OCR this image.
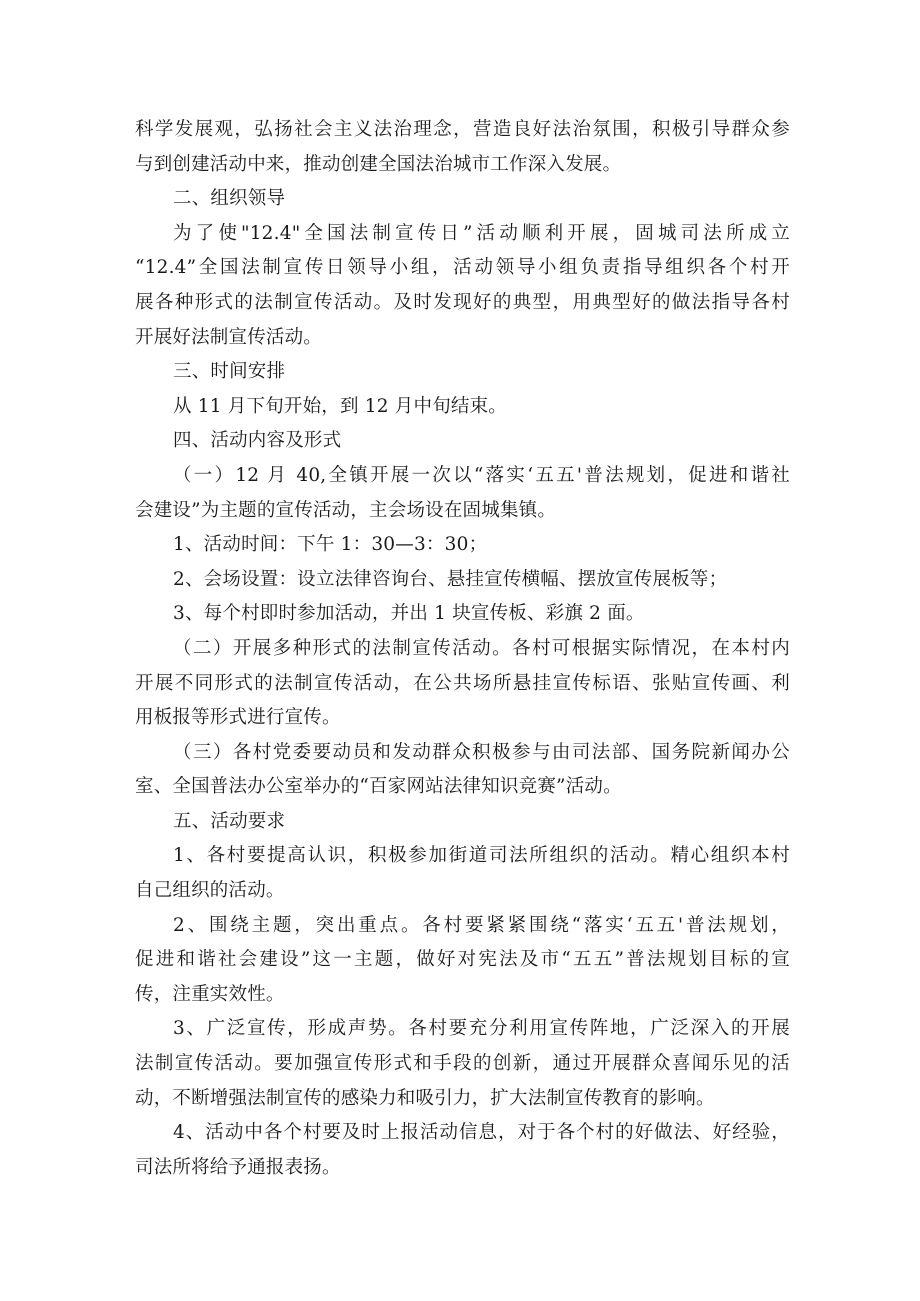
科学发展观，弘扬社会主义法治理念，营造良好法治氛围，积极引导群众参
与到创建活动中来，推动创建全国法治城市工作深入发展。
二、组织领导
为了使"12.4"全国法制宣传日”活动顺利开展，固城司法所成立
“12.4”全国法制宣传日领导小组，活动领导小组负责指导组织各个村开
展各种形式的法制宣传活动。及时发现好的典型，用典型好的做法指导各村
开展好法制宣传活动。
三、时间安排
从 11 月下旬开始，到 12 月中旬结束。
四、活动内容及形式
（一）12 月 40,全镇开展一次以“落实‘五五'普法规划，促进和谐社
会建设”为主题的宣传活动，主会场设在固城集镇。
1、活动时间：下午 1：30—3：30；
2、会场设置：设立法律咨询台、悬挂宣传横幅、摆放宣传展板等；
3、每个村即时参加活动，并出 1 块宣传板、彩旗 2 面。
（二）开展多种形式的法制宣传活动。各村可根据实际情况，在本村内
开展不同形式的法制宣传活动，在公共场所悬挂宣传标语、张贴宣传画、利
用板报等形式进行宣传。
（三）各村党委要动员和发动群众积极参与由司法部、国务院新闻办公
室、全国普法办公室举办的“百家网站法律知识竞赛”活动。
五、活动要求
1、各村要提高认识，积极参加街道司法所组织的活动。精心组织本村
自己组织的活动。
2、围绕主题，突出重点。各村要紧紧围绕“落实‘五五'普法规划，
促进和谐社会建设”这一主题，做好对宪法及市“五五”普法规划目标的宣
传，注重实效性。
3、广泛宣传，形成声势。各村要充分利用宣传阵地，广泛深入的开展
法制宣传活动。要加强宣传形式和手段的创新，通过开展群众喜闻乐见的活
动，不断增强法制宣传的感染力和吸引力，扩大法制宣传教育的影响。
4、活动中各个村要及时上报活动信息，对于各个村的好做法、好经验，
司法所将给予通报表扬。
